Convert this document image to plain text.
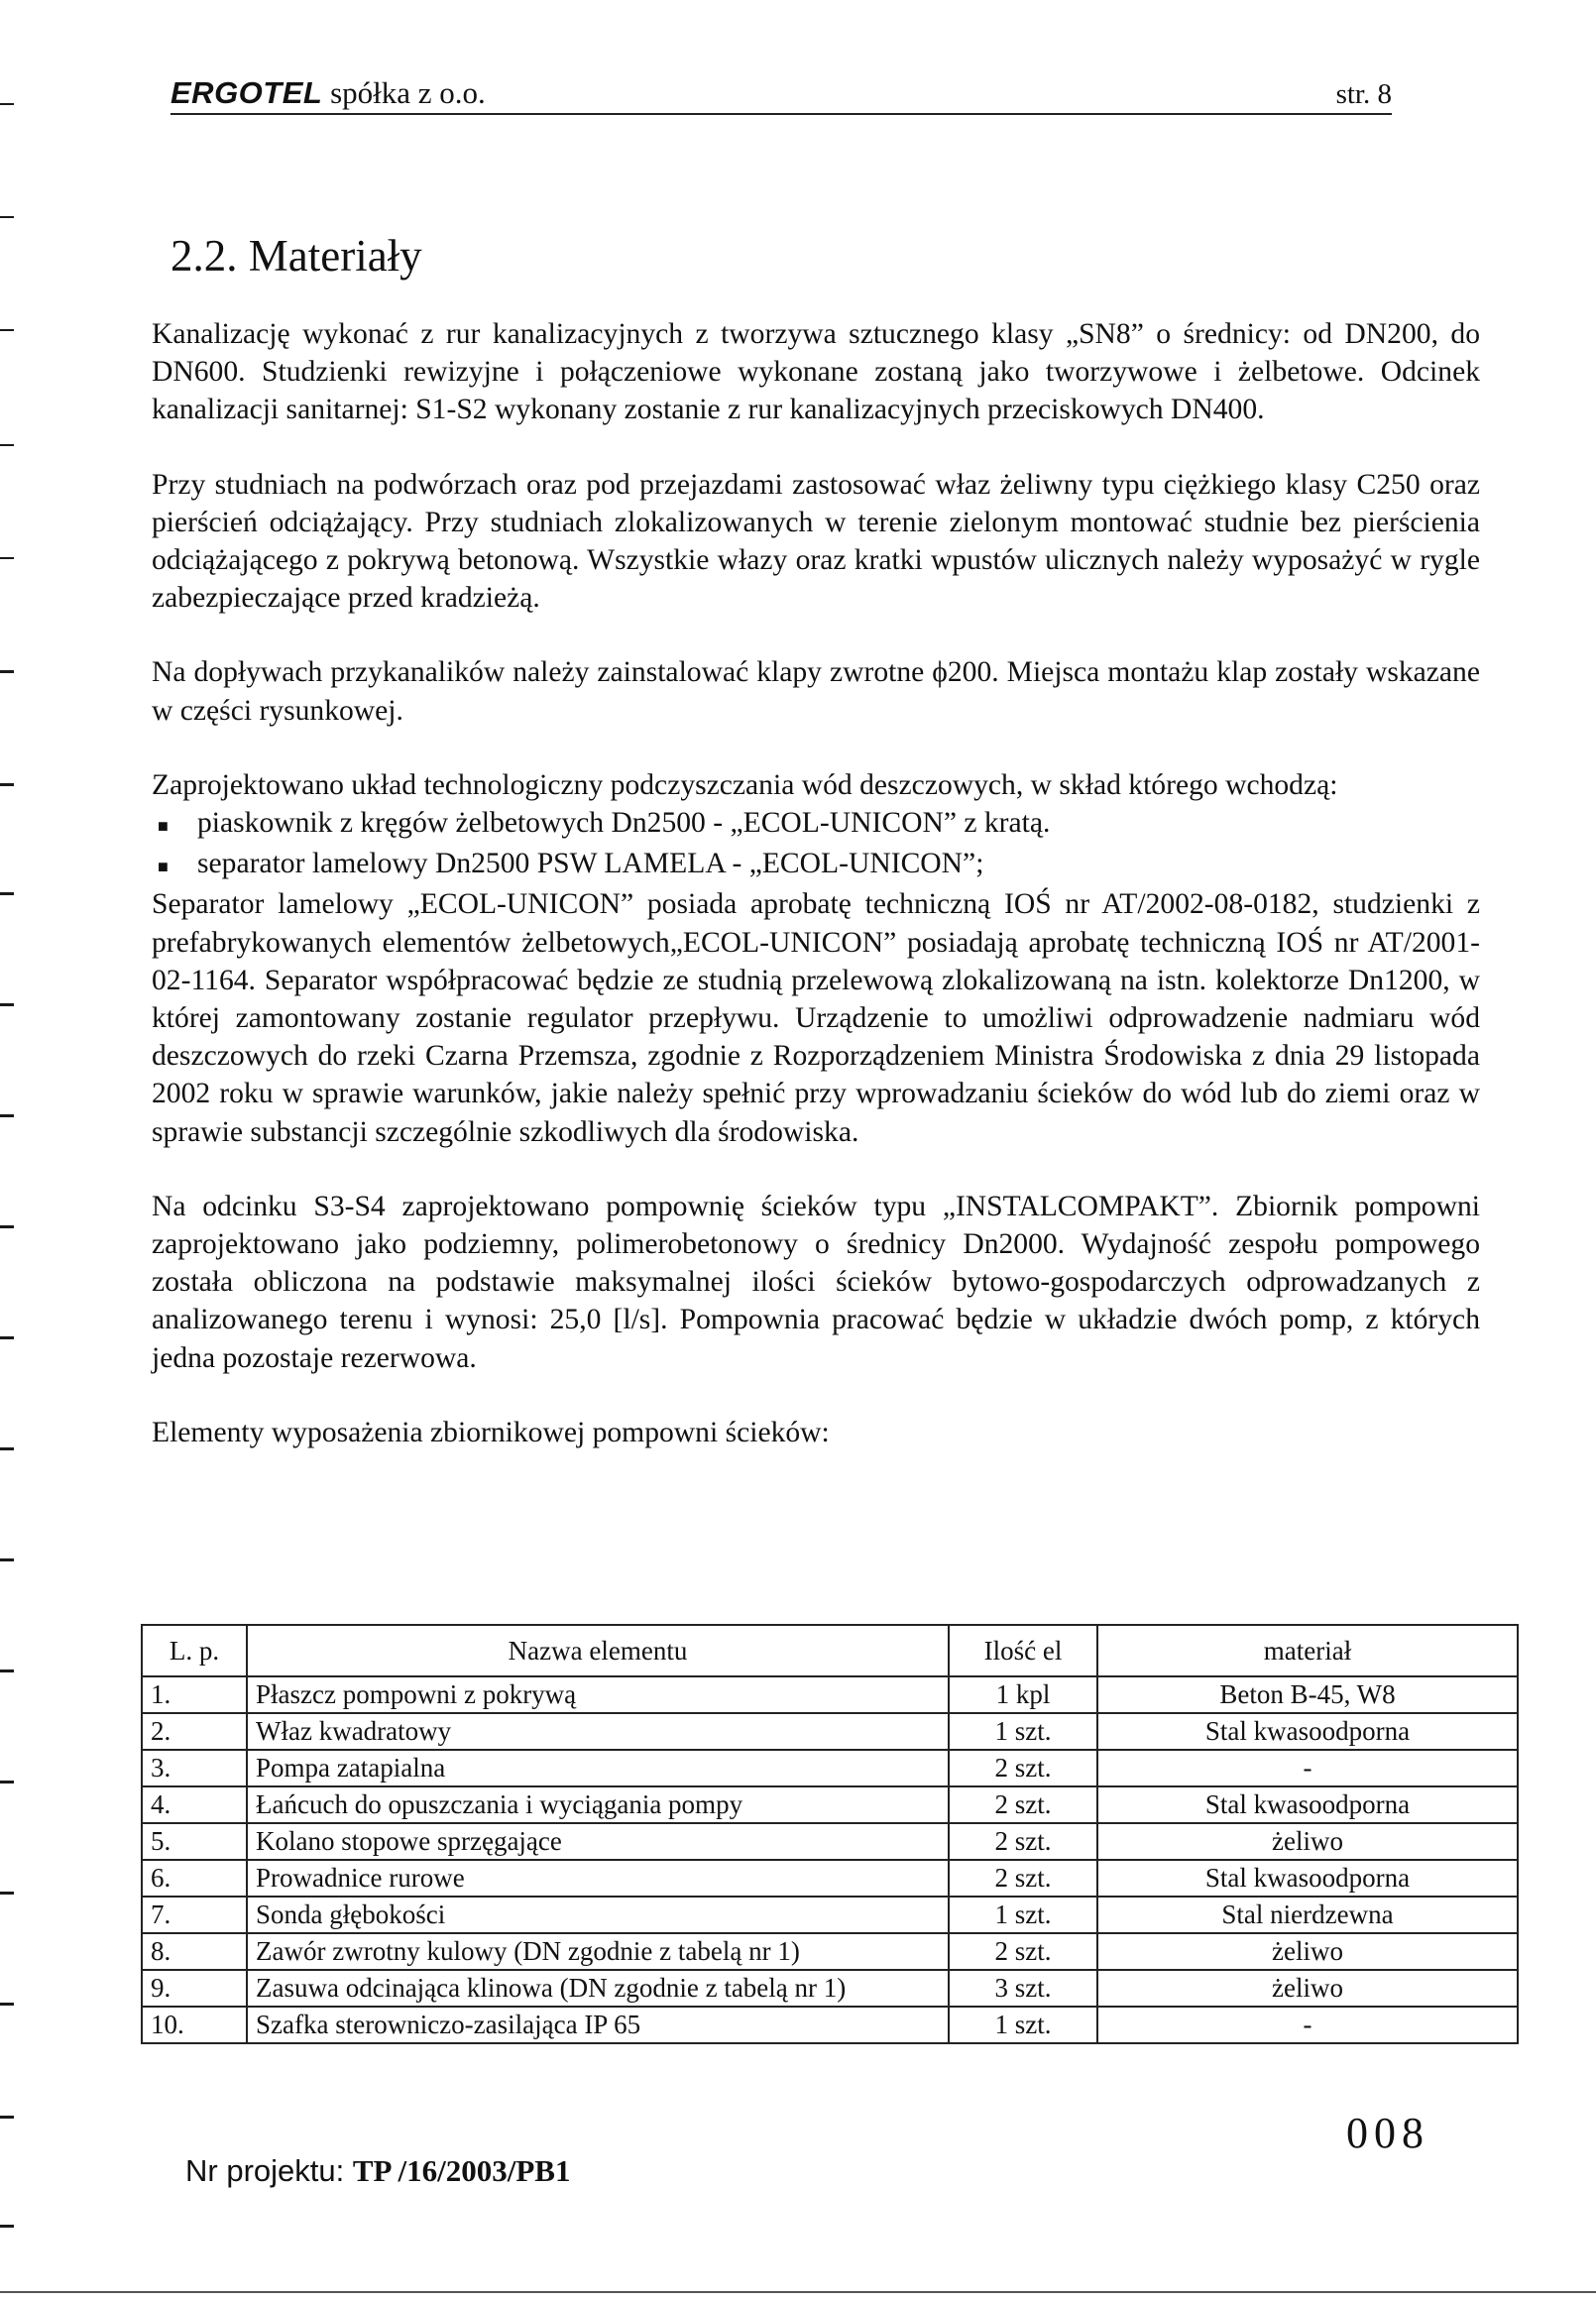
ERGOTEL spółka z o.o.	str. 8
2.2. Materiały

Kanalizację wykonać z rur kanalizacyjnych z tworzywa sztucznego klasy „SN8” o średnicy: od DN200, do DN600. Studzienki rewizyjne i połączeniowe wykonane zostaną jako tworzywowe i żelbetowe. Odcinek kanalizacji sanitarnej: S1-S2 wykonany zostanie z rur kanalizacyjnych przeciskowych DN400.

Przy studniach na podwórzach oraz pod przejazdami zastosować właz żeliwny typu ciężkiego klasy C250 oraz pierścień odciążający. Przy studniach zlokalizowanych w terenie zielonym montować studnie bez pierścienia odciążającego z pokrywą betonową. Wszystkie włazy oraz kratki wpustów ulicznych należy wyposażyć w rygle zabezpieczające przed kradzieżą.

Na dopływach przykanalików należy zainstalować klapy zwrotne ϕ200. Miejsca montażu klap zostały wskazane w części rysunkowej.

Zaprojektowano układ technologiczny podczyszczania wód deszczowych, w skład którego wchodzą:

■ piaskownik z kręgów żelbetowych Dn2500 - „ECOL-UNICON” z kratą.
■ separator lamelowy Dn2500 PSW LAMELA - „ECOL-UNICON”;

Separator lamelowy „ECOL-UNICON” posiada aprobatę techniczną IOŚ nr AT/2002-08-0182, studzienki z prefabrykowanych elementów żelbetowych„ECOL-UNICON” posiadają aprobatę techniczną IOŚ nr AT/2001-02-1164. Separator współpracować będzie ze studnią przelewową zlokalizowaną na istn. kolektorze Dn1200, w której zamontowany zostanie regulator przepływu. Urządzenie to umożliwi odprowadzenie nadmiaru wód deszczowych do rzeki Czarna Przemsza, zgodnie z Rozporządzeniem Ministra Środowiska z dnia 29 listopada 2002 roku w sprawie warunków, jakie należy spełnić przy wprowadzaniu ścieków do wód lub do ziemi oraz w sprawie substancji szczególnie szkodliwych dla środowiska.

Na odcinku S3-S4 zaprojektowano pompownię ścieków typu „INSTALCOMPAKT”. Zbiornik pompowni zaprojektowano jako podziemny, polimerobetonowy o średnicy Dn2000. Wydajność zespołu pompowego została obliczona na podstawie maksymalnej ilości ścieków bytowo-gospodarczych odprowadzanych z analizowanego terenu i wynosi: 25,0 [l/s]. Pompownia pracować będzie w układzie dwóch pomp, z których jedna pozostaje rezerwowa.

Elementy wyposażenia zbiornikowej pompowni ścieków:

L. p.	Nazwa elementu	Ilość el	materiał
1.	Płaszcz pompowni z pokrywą	1 kpl	Beton B-45, W8
2.	Właz kwadratowy	1 szt.	Stal kwasoodporna
3.	Pompa zatapialna	2 szt.	-
4.	Łańcuch do opuszczania i wyciągania pompy	2 szt.	Stal kwasoodporna
5.	Kolano stopowe sprzęgające	2 szt.	żeliwo
6.	Prowadnice rurowe	2 szt.	Stal kwasoodporna
7.	Sonda głębokości	1 szt.	Stal nierdzewna
8.	Zawór zwrotny kulowy (DN zgodnie z tabelą nr 1)	2 szt.	żeliwo
9.	Zasuwa odcinająca klinowa (DN zgodnie z tabelą nr 1)	3 szt.	żeliwo
10.	Szafka sterowniczo-zasilająca IP 65	1 szt.	-
008
Nr projektu: TP /16/2003/PB1
